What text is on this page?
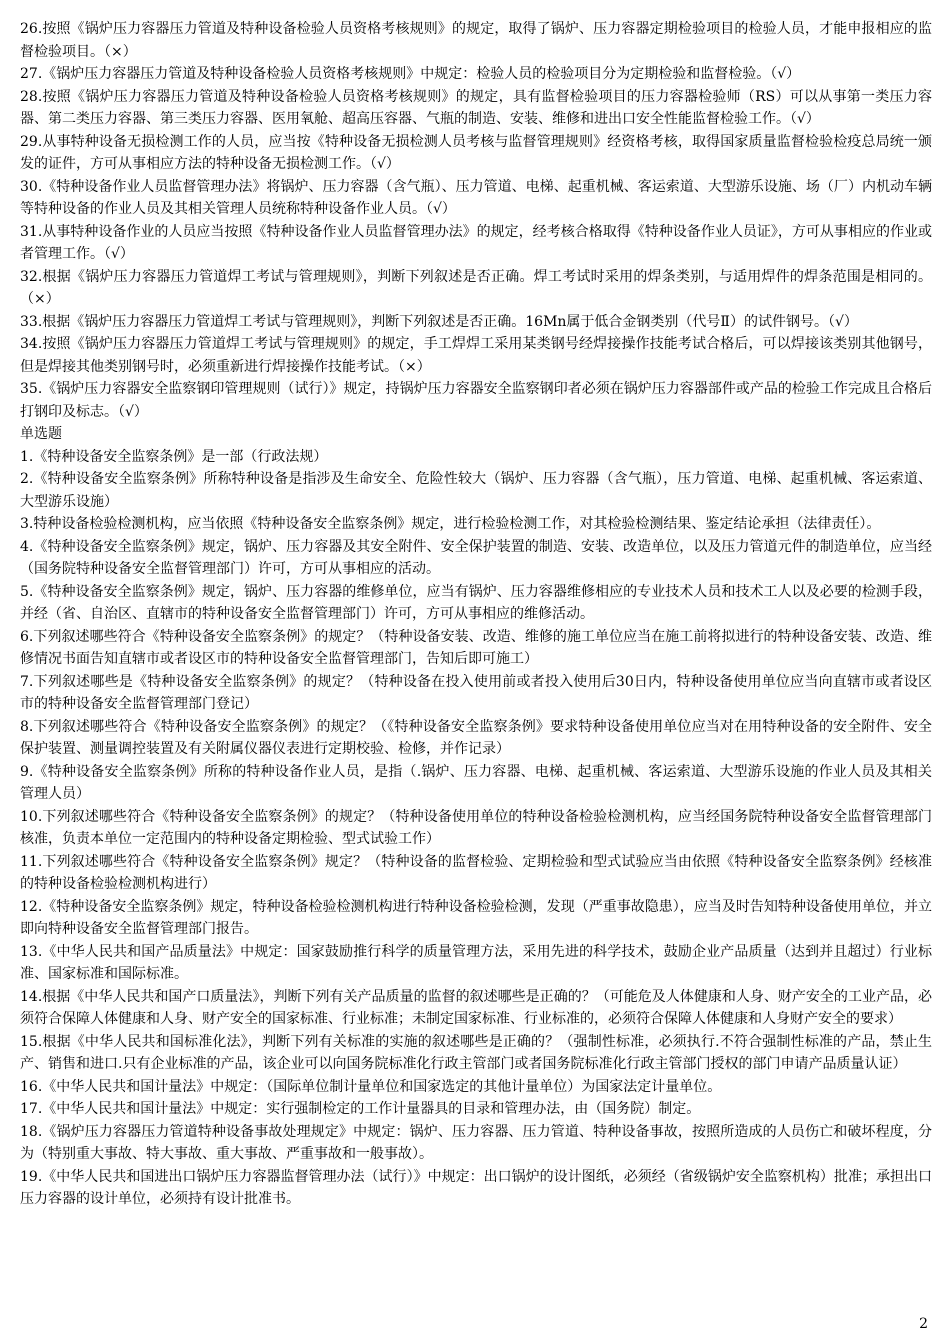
26.按照《锅炉压力容器压力管道及特种设备检验人员资格考核规则》的规定，取得了锅炉、压力容器定期检验项目的检验人员，才能申报相应的监督检验项目。（×）

27.《锅炉压力容器压力管道及特种设备检验人员资格考核规则》中规定：检验人员的检验项目分为定期检验和监督检验。（√）

28.按照《锅炉压力容器压力管道及特种设备检验人员资格考核规则》的规定，具有监督检验项目的压力容器检验师（RS）可以从事第一类压力容器、第二类压力容器、第三类压力容器、医用氧舱、超高压容器、气瓶的制造、安装、维修和进出口安全性能监督检验工作。（√）

29.从事特种设备无损检测工作的人员，应当按《特种设备无损检测人员考核与监督管理规则》经资格考核，取得国家质量监督检验检疫总局统一颁发的证件，方可从事相应方法的特种设备无损检测工作。（√）

30.《特种设备作业人员监督管理办法》将锅炉、压力容器（含气瓶）、压力管道、电梯、起重机械、客运索道、大型游乐设施、场（厂）内机动车辆等特种设备的作业人员及其相关管理人员统称特种设备作业人员。（√）

31.从事特种设备作业的人员应当按照《特种设备作业人员监督管理办法》的规定，经考核合格取得《特种设备作业人员证》，方可从事相应的作业或者管理工作。（√）

32.根据《锅炉压力容器压力管道焊工考试与管理规则》，判断下列叙述是否正确。焊工考试时采用的焊条类别，与适用焊件的焊条范围是相同的。（×）

33.根据《锅炉压力容器压力管道焊工考试与管理规则》，判断下列叙述是否正确。16Mn属于低合金钢类别（代号Ⅱ）的试件钢号。（√）

34.按照《锅炉压力容器压力管道焊工考试与管理规则》的规定，手工焊焊工采用某类钢号经焊接操作技能考试合格后，可以焊接该类别其他钢号，但是焊接其他类别钢号时，必须重新进行焊接操作技能考试。（×）

35.《锅炉压力容器安全监察钢印管理规则（试行）》规定，持锅炉压力容器安全监察钢印者必须在锅炉压力容器部件或产品的检验工作完成且合格后打钢印及标志。（√）

单选题

1.《特种设备安全监察条例》是一部（行政法规）

2.《特种设备安全监察条例》所称特种设备是指涉及生命安全、危险性较大（锅炉、压力容器（含气瓶），压力管道、电梯、起重机械、客运索道、大型游乐设施）

3.特种设备检验检测机构，应当依照《特种设备安全监察条例》规定，进行检验检测工作，对其检验检测结果、鉴定结论承担（法律责任）。

4.《特种设备安全监察条例》规定，锅炉、压力容器及其安全附件、安全保护装置的制造、安装、改造单位，以及压力管道元件的制造单位，应当经（国务院特种设备安全监督管理部门）许可，方可从事相应的活动。

5.《特种设备安全监察条例》规定，锅炉、压力容器的维修单位，应当有锅炉、压力容器维修相应的专业技术人员和技术工人以及必要的检测手段，并经（省、自治区、直辖市的特种设备安全监督管理部门）许可，方可从事相应的维修活动。

6.下列叙述哪些符合《特种设备安全监察条例》的规定？（特种设备安装、改造、维修的施工单位应当在施工前将拟进行的特种设备安装、改造、维修情况书面告知直辖市或者设区市的特种设备安全监督管理部门，告知后即可施工）

7.下列叙述哪些是《特种设备安全监察条例》的规定？（特种设备在投入使用前或者投入使用后30日内，特种设备使用单位应当向直辖市或者设区市的特种设备安全监督管理部门登记）

8.下列叙述哪些符合《特种设备安全监察条例》的规定？（《特种设备安全监察条例》要求特种设备使用单位应当对在用特种设备的安全附件、安全保护装置、测量调控装置及有关附属仪器仪表进行定期校验、检修，并作记录）

9.《特种设备安全监察条例》所称的特种设备作业人员，是指（.锅炉、压力容器、电梯、起重机械、客运索道、大型游乐设施的作业人员及其相关管理人员）

10.下列叙述哪些符合《特种设备安全监察条例》的规定？（特种设备使用单位的特种设备检验检测机构，应当经国务院特种设备安全监督管理部门核准，负责本单位一定范围内的特种设备定期检验、型式试验工作）

11.下列叙述哪些符合《特种设备安全监察条例》规定？（特种设备的监督检验、定期检验和型式试验应当由依照《特种设备安全监察条例》经核准的特种设备检验检测机构进行）

12.《特种设备安全监察条例》规定，特种设备检验检测机构进行特种设备检验检测，发现（严重事故隐患），应当及时告知特种设备使用单位，并立即向特种设备安全监督管理部门报告。

13.《中华人民共和国产品质量法》中规定：国家鼓励推行科学的质量管理方法，采用先进的科学技术，鼓励企业产品质量（达到并且超过）行业标准、国家标准和国际标准。

14.根据《中华人民共和国产口质量法》，判断下列有关产品质量的监督的叙述哪些是正确的？（可能危及人体健康和人身、财产安全的工业产品，必须符合保障人体健康和人身、财产安全的国家标准、行业标准；未制定国家标准、行业标准的，必须符合保障人体健康和人身财产安全的要求）

15.根据《中华人民共和国标准化法》，判断下列有关标准的实施的叙述哪些是正确的？（强制性标准，必须执行.不符合强制性标准的产品，禁止生产、销售和进口.只有企业标准的产品，该企业可以向国务院标准化行政主管部门或者国务院标准化行政主管部门授权的部门申请产品质量认证）

16.《中华人民共和国计量法》中规定：（国际单位制计量单位和国家选定的其他计量单位）为国家法定计量单位。

17.《中华人民共和国计量法》中规定：实行强制检定的工作计量器具的目录和管理办法，由（国务院）制定。

18.《锅炉压力容器压力管道特种设备事故处理规定》中规定：锅炉、压力容器、压力管道、特种设备事故，按照所造成的人员伤亡和破坏程度，分为（特别重大事故、特大事故、重大事故、严重事故和一般事故）。

19.《中华人民共和国进出口锅炉压力容器监督管理办法（试行）》中规定：出口锅炉的设计图纸，必须经（省级锅炉安全监察机构）批准；承担出口压力容器的设计单位，必须持有设计批准书。

2
